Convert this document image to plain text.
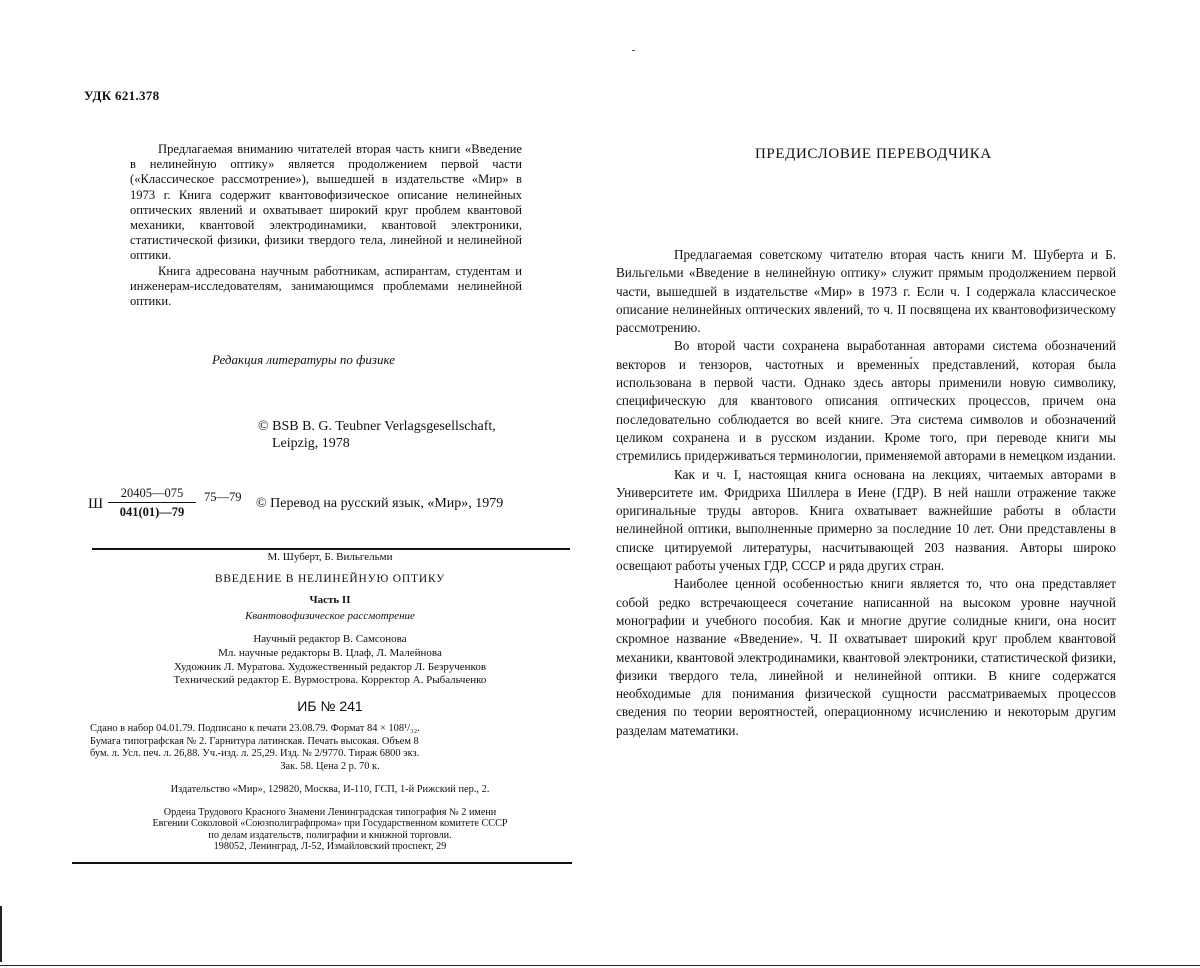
УДК 621.378

Предлагаемая вниманию читателей вторая часть книги «Введение в нелинейную оптику» является продолжением первой части («Классическое рассмотрение»), вышедшей в издательстве «Мир» в 1973 г. Книга содержит квантовофизическое описание нелинейных оптических явлений и охватывает широкий круг проблем квантовой механики, квантовой электродинамики, квантовой электроники, статистической физики, физики твердого тела, линейной и нелинейной оптики.

Книга адресована научным работникам, аспирантам, студентам и инженерам-исследователям, занимающимся проблемами нелинейной оптики.

Редакция литературы по физике
© BSB B. G. Teubner Verlagsgesellschaft,
Leipzig, 1978
Ш $\frac{20405—075}{041(01)—79}$ 75—79 © Перевод на русский язык, «Мир», 1979
М. Шуберт, Б. Вильгельми
ВВЕДЕНИЕ В НЕЛИНЕЙНУЮ ОПТИКУ
Часть II
Квантовофизическое рассмотрение
Научный редактор В. Самсонова
Мл. научные редакторы В. Цлаф, Л. Малейнова
Художник Л. Муратова. Художественный редактор Л. Безрученков
Технический редактор Е. Вурмострова. Корректор А. Рыбальченко
ИБ № 241
Сдано в набор 04.01.79. Подписано к печати 23.08.79. Формат 84 × 108¹/₃₂.
Бумага типографская № 2. Гарнитура латинская. Печать высокая. Объем 8
бум. л. Усл. печ. л. 26,88. Уч.-изд. л. 25,29. Изд. № 2/9770. Тираж 6800 экз.
Зак. 58. Цена 2 р. 70 к.
Издательство «Мир», 129820, Москва, И-110, ГСП, 1-й Рижский пер., 2.
Ордена Трудового Красного Знамени Ленинградская типография № 2 имени
Евгении Соколовой «Союзполиграфпрома» при Государственном комитете СССР
по делам издательств, полиграфии и книжной торговли.
198052, Ленинград, Л-52, Измайловский проспект, 29
ПРЕДИСЛОВИЕ ПЕРЕВОДЧИКА

Предлагаемая советскому читателю вторая часть книги М. Шуберта и Б. Вильгельми «Введение в нелинейную оптику» служит прямым продолжением первой части, вышедшей в издательстве «Мир» в 1973 г. Если ч. I содержала классическое описание нелинейных оптических явлений, то ч. II посвящена их квантовофизическому рассмотрению.

Во второй части сохранена выработанная авторами система обозначений векторов и тензоров, частотных и временны́х представлений, которая была использована в первой части. Однако здесь авторы применили новую символику, специфическую для квантового описания оптических процессов, причем она последовательно соблюдается во всей книге. Эта система символов и обозначений целиком сохранена и в русском издании. Кроме того, при переводе книги мы стремились придерживаться терминологии, применяемой авторами в немецком издании.

Как и ч. I, настоящая книга основана на лекциях, читаемых авторами в Университете им. Фридриха Шиллера в Иене (ГДР). В ней нашли отражение также оригинальные труды авторов. Книга охватывает важнейшие работы в области нелинейной оптики, выполненные примерно за последние 10 лет. Они представлены в списке цитируемой литературы, насчитывающей 203 названия. Авторы широко освещают работы ученых ГДР, СССР и ряда других стран.

Наиболее ценной особенностью книги является то, что она представляет собой редко встречающееся сочетание написанной на высоком уровне научной монографии и учебного пособия. Как и многие другие солидные книги, она носит скромное название «Введение». Ч. II охватывает широкий круг проблем квантовой механики, квантовой электродинамики, квантовой электроники, статистической физики, физики твердого тела, линейной и нелинейной оптики. В книге содержатся необходимые для понимания физической сущности рассматриваемых процессов сведения по теории вероятностей, операционному исчислению и некоторым другим разделам математики.
